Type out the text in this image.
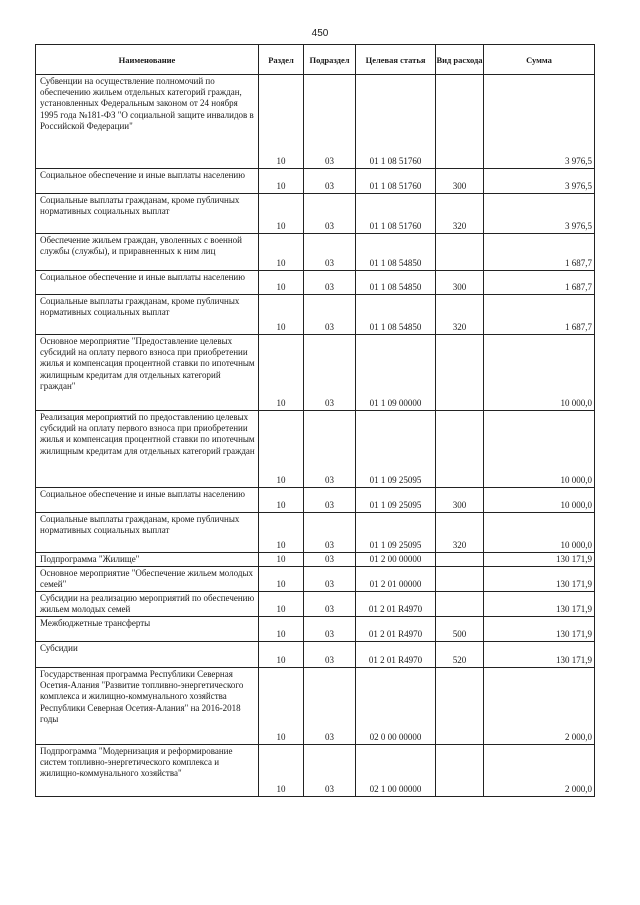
450
Наименование	Раздел	Подраздел	Целевая статья	Вид расхода	Сумма
Субвенции на осуществление полномочий по обеспечению жильем отдельных категорий граждан, установленных Федеральным законом от 24 ноября 1995 года №181-ФЗ "О социальной защите инвалидов в Российской Федерации"	10	03	01 1 08 51760		3 976,5
Социальное обеспечение и иные выплаты населению	10	03	01 1 08 51760	300	3 976,5
Социальные выплаты гражданам, кроме публичных нормативных социальных выплат	10	03	01 1 08 51760	320	3 976,5
Обеспечение жильем граждан, уволенных с военной службы (службы), и приравненных к ним лиц	10	03	01 1 08 54850		1 687,7
Социальное обеспечение и иные выплаты населению	10	03	01 1 08 54850	300	1 687,7
Социальные выплаты гражданам, кроме публичных нормативных социальных выплат	10	03	01 1 08 54850	320	1 687,7
Основное мероприятие "Предоставление целевых субсидий на оплату первого взноса при приобретении жилья и компенсация процентной ставки по ипотечным жилищным кредитам для отдельных категорий граждан"	10	03	01 1 09 00000		10 000,0
Реализация мероприятий по предоставлению целевых субсидий на оплату первого взноса при приобретении жилья и компенсация процентной ставки по ипотечным жилищным кредитам для отдельных категорий граждан	10	03	01 1 09 25095		10 000,0
Социальное обеспечение и иные выплаты населению	10	03	01 1 09 25095	300	10 000,0
Социальные выплаты гражданам, кроме публичных нормативных социальных выплат	10	03	01 1 09 25095	320	10 000,0
Подпрограмма "Жилище"	10	03	01 2 00 00000		130 171,9
Основное мероприятие "Обеспечение жильем молодых семей"	10	03	01 2 01 00000		130 171,9
Субсидии на реализацию мероприятий по обеспечению жильем молодых семей	10	03	01 2 01 R4970		130 171,9
Межбюджетные трансферты	10	03	01 2 01 R4970	500	130 171,9
Субсидии	10	03	01 2 01 R4970	520	130 171,9
Государственная программа Республики Северная Осетия-Алания "Развитие топливно-энергетического комплекса и жилищно-коммунального хозяйства Республики Северная Осетия-Алания" на 2016-2018 годы	10	03	02 0 00 00000		2 000,0
Подпрограмма "Модернизация и реформирование систем топливно-энергетического комплекса и жилищно-коммунального хозяйства"	10	03	02 1 00 00000		2 000,0
